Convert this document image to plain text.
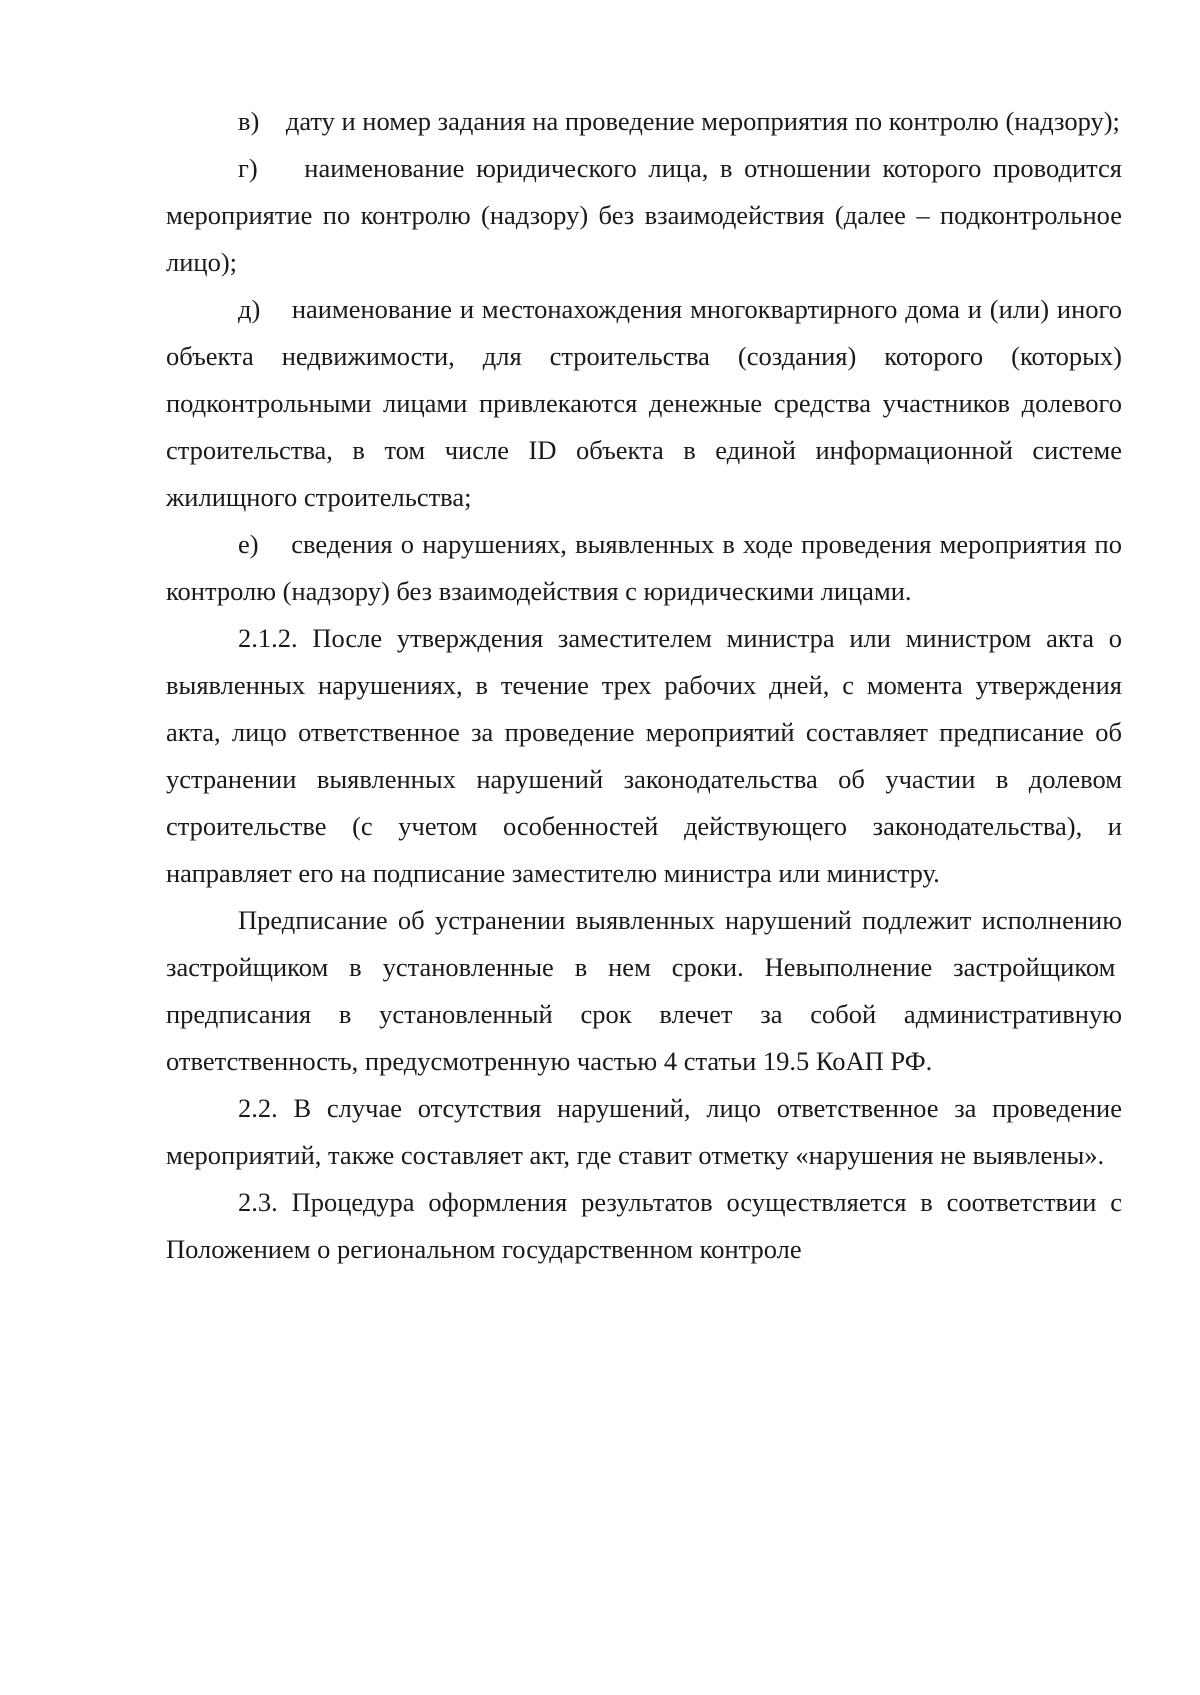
в)    дату и номер задания на проведение мероприятия по контролю (надзору);

г)    наименование юридического лица, в отношении которого проводится мероприятие по контролю (надзору) без взаимодействия (далее – подконтрольное лицо);

д)    наименование и местонахождения многоквартирного дома и (или) иного объекта недвижимости, для строительства (создания) которого (которых) подконтрольными лицами привлекаются денежные средства участников долевого строительства, в том числе ID объекта в единой информационной системе жилищного строительства;

е)    сведения о нарушениях, выявленных в ходе проведения мероприятия по контролю (надзору) без взаимодействия с юридическими лицами.

2.1.2. После утверждения заместителем министра или министром акта о выявленных нарушениях, в течение трех рабочих дней, с момента утверждения акта, лицо ответственное за проведение мероприятий составляет предписание об устранении выявленных нарушений законодательства об участии в долевом строительстве (с учетом особенностей действующего законодательства), и направляет его на подписание заместителю министра или министру.

Предписание об устранении выявленных нарушений подлежит исполнению застройщиком в установленные в нем сроки. Невыполнение застройщиком  предписания в установленный срок влечет за собой административную ответственность, предусмотренную частью 4 статьи 19.5 КоАП РФ.

2.2. В случае отсутствия нарушений, лицо ответственное за проведение мероприятий, также составляет акт, где ставит отметку «нарушения не выявлены».

2.3. Процедура оформления результатов осуществляется в соответствии с Положением о региональном государственном контроле
